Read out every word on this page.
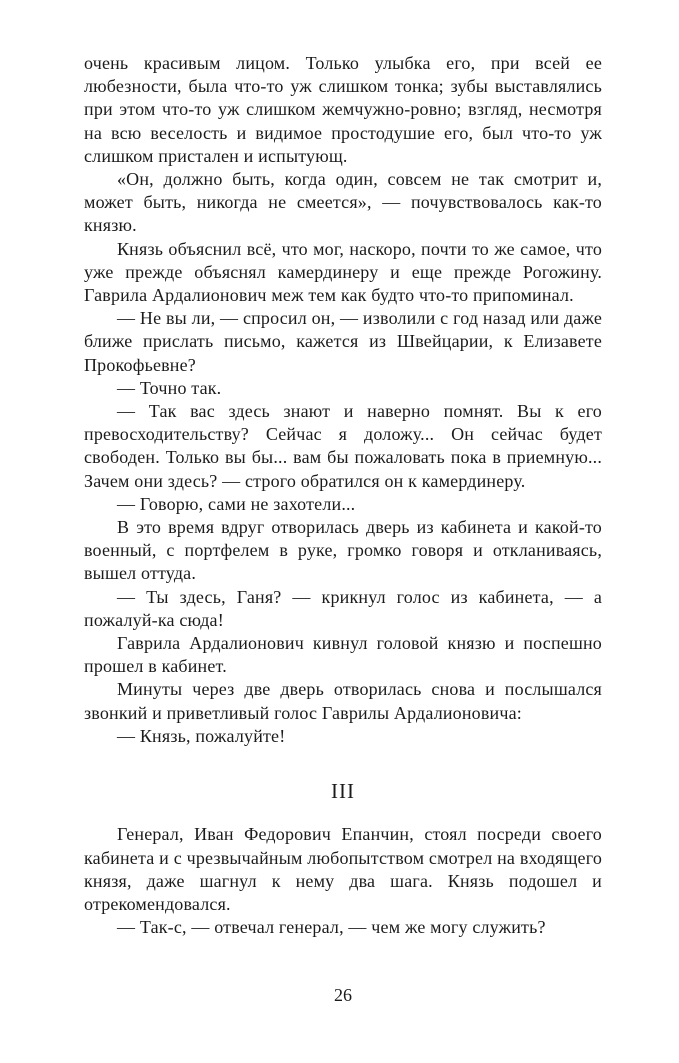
очень красивым лицом. Только улыбка его, при всей ее любезности, была что-то уж слишком тонка; зубы выставлялись при этом что-то уж слишком жемчужно-ровно; взгляд, несмотря на всю веселость и видимое простодушие его, был что-то уж слишком пристален и испытующ.

«Он, должно быть, когда один, совсем не так смотрит и, может быть, никогда не смеется», — почувствовалось как-то князю.

Князь объяснил всё, что мог, наскоро, почти то же самое, что уже прежде объяснял камердинеру и еще прежде Рогожину. Гаврила Ардалионович меж тем как будто что-то припоминал.

— Не вы ли, — спросил он, — изволили с год назад или даже ближе прислать письмо, кажется из Швейцарии, к Елизавете Прокофьевне?

— Точно так.

— Так вас здесь знают и наверно помнят. Вы к его превосходительству? Сейчас я доложу... Он сейчас будет свободен. Только вы бы... вам бы пожаловать пока в приемную... Зачем они здесь? — строго обратился он к камердинеру.

— Говорю, сами не захотели...

В это время вдруг отворилась дверь из кабинета и какой-то военный, с портфелем в руке, громко говоря и откланиваясь, вышел оттуда.

— Ты здесь, Ганя? — крикнул голос из кабинета, — а пожалуй-ка сюда!

Гаврила Ардалионович кивнул головой князю и поспешно прошел в кабинет.

Минуты через две дверь отворилась снова и послышался звонкий и приветливый голос Гаврилы Ардалионовича:

— Князь, пожалуйте!

III

Генерал, Иван Федорович Епанчин, стоял посреди своего кабинета и с чрезвычайным любопытством смотрел на входящего князя, даже шагнул к нему два шага. Князь подошел и отрекомендовался.

— Так-с, — отвечал генерал, — чем же могу служить?

26
